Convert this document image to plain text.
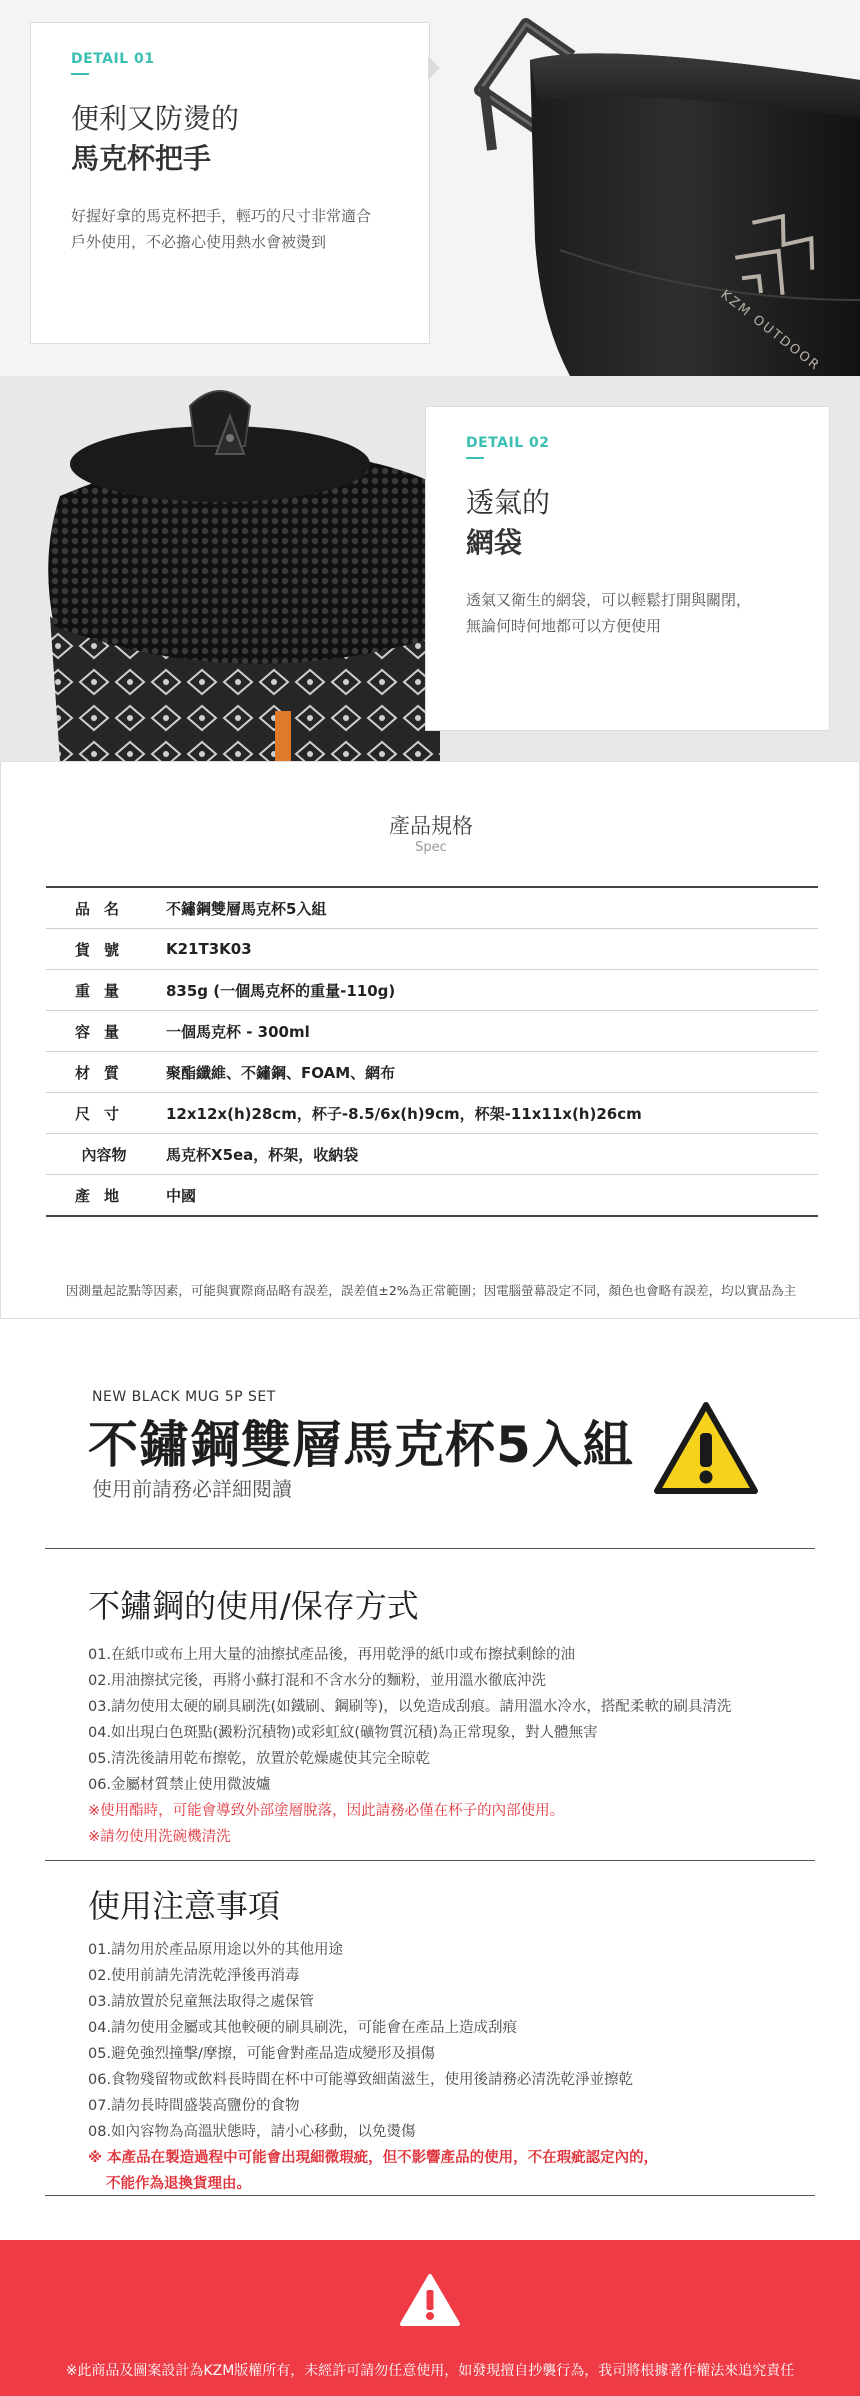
KZM OUTDOOR
DETAIL 01
便利又防燙的
馬克杯把手
好握好拿的馬克杯把手，輕巧的尺寸非常適合
戶外使用，不必擔心使用熱水會被燙到
DETAIL 02
透氣的
網袋
透氣又衛生的網袋，可以輕鬆打開與關閉，
無論何時何地都可以方便使用
產品規格
Spec
品名	不鏽鋼雙層馬克杯5入組
貨號	K21T3K03
重量	835g (一個馬克杯的重量-110g)
容量	一個馬克杯 - 300ml
材質	聚酯纖維、不鏽鋼、FOAM、網布
尺寸	12x12x(h)28cm，杯子-8.5/6x(h)9cm，杯架-11x11x(h)26cm
內容物	馬克杯X5ea，杯架，收納袋
產地	中國
因測量起訖點等因素，可能與實際商品略有誤差，誤差值±2%為正常範圍；因電腦螢幕設定不同，顏色也會略有誤差，均以實品為主
NEW BLACK MUG 5P SET
不鏽鋼雙層馬克杯5入組
使用前請務必詳細閱讀
不鏽鋼的使用/保存方式
01.在紙巾或布上用大量的油擦拭產品後，再用乾淨的紙巾或布擦拭剩餘的油
02.用油擦拭完後，再將小蘇打混和不含水分的麵粉，並用溫水徹底沖洗
03.請勿使用太硬的刷具刷洗(如鐵刷、鋼刷等)，以免造成刮痕。請用溫水冷水，搭配柔軟的刷具清洗
04.如出現白色斑點(澱粉沉積物)或彩虹紋(礦物質沉積)為正常現象，對人體無害
05.清洗後請用乾布擦乾，放置於乾燥處使其完全晾乾
06.金屬材質禁止使用微波爐
※使用酯時，可能會導致外部塗層脫落，因此請務必僅在杯子的內部使用。
※請勿使用洗碗機清洗
使用注意事項
01.請勿用於產品原用途以外的其他用途
02.使用前請先清洗乾淨後再消毒
03.請放置於兒童無法取得之處保管
04.請勿使用金屬或其他較硬的刷具刷洗，可能會在產品上造成刮痕
05.避免強烈撞擊/摩擦，可能會對產品造成變形及損傷
06.食物殘留物或飲料長時間在杯中可能導致細菌滋生，使用後請務必清洗乾淨並擦乾
07.請勿長時間盛裝高鹽份的食物
08.如內容物為高溫狀態時，請小心移動，以免燙傷
※ 本產品在製造過程中可能會出現細微瑕疵，但不影響產品的使用，不在瑕疵認定內的，
不能作為退換貨理由。
※此商品及圖案設計為KZM版權所有，未經許可請勿任意使用，如發現擅自抄襲行為，我司將根據著作權法來追究責任
